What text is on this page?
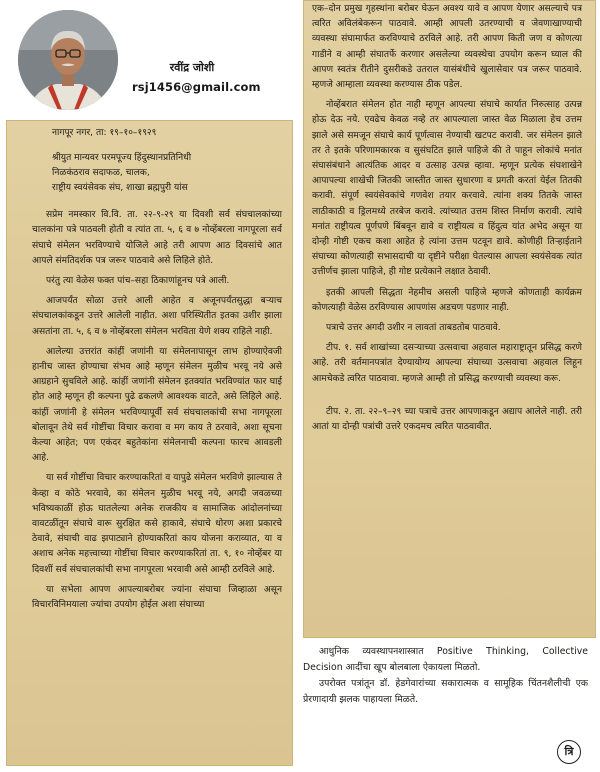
रवींद्र जोशी
rsj1456@gmail.com
नागपूर नगर, ता: १९–१०–१९२९
श्रीयुत मान्यवर परमपूज्य हिंदुस्थानप्रतिनिधी
निळकंठराव सदाफळ, चालक,
राष्ट्रीय स्वयंसेवक संघ, शाखा ब्रह्मपुरी यांस

सप्रेम नमस्कार वि.वि. ता. २२-९-२९ या दिवशी सर्व संघचालकांच्या चालकांना पत्रे पाठवली होती व त्यांत ता. ५, ६ व ७ नोव्हेंबरला नागपूरला सर्व संघाचे संमेलन भरविण्याचे योजिले आहे तरी आपण आठ दिवसांचे आत आपले संमतिदर्शक पत्र जरूर पाठवावे असे लिहिले होते.

परंतु त्या वेळेस फक्त पांच–सहा ठिकाणांहूनच पत्रे आली.

आजपर्यंत सोळा उत्तरे आली आहेत व अजूनपर्यंतसुद्धा बऱ्याच संघचालकांकडून उत्तरे आलेली नाहीत. अशा परिस्थितीत इतका उशीर झाला असतांना ता. ५, ६ व ७ नोव्हेंबरला संमेलन भरविता येणे शक्य राहिले नाही.

आलेल्या उत्तरांत कांहीं जणांनी या संमेलनापासून लाभ होण्याऐवजी हानीच जास्त होण्याचा संभव आहे म्हणून संमेलन मुळीच भरवू नये असे आग्रहाने सुचविले आहे. कांहीं जणांनी संमेलन इतक्यांत भरविण्यांत फार घाई होत आहे म्हणून ही कल्पना पुढे ढकलणे आवश्यक वाटते, असे लिहिले आहे. कांहीं जणांनी हे संमेलन भरविण्यापूर्वी सर्व संघचालकांची सभा नागपूरला बोलावून तेथे सर्व गोष्टींचा विचार करावा व मग काय ते ठरवावे, अशा सूचना केल्या आहेत; पण एकंदर बहुतेकांना संमेलनाची कल्पना फारच आवडली आहे.

या सर्व गोष्टींचा विचार करण्याकरितां व यापुढे संमेलन भरविणे झाल्यास ते केव्हा व कोठे भरवावे, का संमेलन मुळीच भरवू नये, अगदी जवळच्या भविष्यकाळीं होऊ घातलेल्या अनेक राजकीय व सामाजिक आंदोलनांच्या वावटळींतून संघाचे वारू सुरक्षित कसे हाकावे, संघाचे धोरण अशा प्रकारचे ठेवावे, संघाची वाढ झपाट्याने होण्याकरितां काय योजना कराव्यात, या व अशाच अनेक महत्त्वाच्या गोष्टींचा विचार करण्याकरितां ता. ९, १० नोव्हेंबर या दिवशीं सर्व संघचालकांची सभा नागपूरला भरवावी असे आम्ही ठरविले आहे.

या सभेला आपण आपल्याबरोबर ज्यांना संघाचा जिव्हाळा असून विचारविनिमयाला ज्यांचा उपयोग होईल अशा संघाच्या

एक–दोन प्रमुख गृहस्थांना बरोबर घेऊन अवश्य यावे व आपण येणार असल्याचे पत्र त्वरित अविलंबेकरून पाठवावे. आम्ही आपली उतरण्याची व जेवणाखाण्याची व्यवस्था संघामार्फत करविण्याचे ठरविले आहे. तरी आपण किती जण व कोणत्या गाडीने व आम्ही संघातर्फे करणार असलेल्या व्यवस्थेचा उपयोग करून घ्याल की आपण स्वतंत्र रीतीने दुसरीकडे उतराल यासंबंधीचे खुलासेवार पत्र जरूर पाठवावे. म्हणजे आम्हाला व्यवस्था करण्यास ठीक पडेल.

नोव्हेंबरात संमेलन होत नाही म्हणून आपल्या संघाचे कार्यात निरुत्साह उत्पन्न होऊ देऊ नये. एवढेच केवळ नव्हे तर आपल्याला जास्त वेळ मिळाला हेच उत्तम झाले असे समजून संघाचे कार्य पूर्णत्वास नेण्याची खटपट करावी. जर संमेलन झाले तर ते इतके परिणामकारक व सुसंघटित झाले पाहिजे की ते पाहून लोकांचे मनांत संघासंबंधाने आत्यंतिक आदर व उत्साह उत्पन्न व्हावा. म्हणून प्रत्येक संघशाखेने आपापल्या शाखेची जितकी जास्तीत जास्त सुधारणा व प्रगती करतां येईल तितकी करावी. संपूर्ण स्वयंसेवकांचे गणवेश तयार करवावे. त्यांना शक्य तितके जास्त लाठीकाठी व ड्रिलमध्ये तरबेज करावे. त्यांच्यात उत्तम शिस्त निर्माण करावी. त्यांचे मनांत राष्ट्रीयत्व पूर्णपणे बिंबवून द्यावे व राष्ट्रीयत्व व हिंदुत्व यांत अभेद असून या दोन्ही गोष्टी एकच कशा आहेत हे त्यांना उत्तम पटवून द्यावे. कोणीही तिऱ्हाईताने संघाच्या कोणत्याही सभासदाची या दृष्टीने परीक्षा घेतल्यास आपला स्वयंसेवक त्यांत उत्तीर्णच झाला पाहिजे, ही गोष्ट प्रत्येकाने लक्षात ठेवावी.

इतकी आपली सिद्धता नेहमीच असली पाहिजे म्हणजे कोणताही कार्यक्रम कोणत्याही वेळेस ठरविण्यास आपणांस अडचण पडणार नाही.

पत्राचे उत्तर अगदी उशीर न लावतां ताबडतोब पाठवावे.

टीप. १. सर्व शाखांच्या दसऱ्याच्या उत्सवाचा अहवाल महाराष्ट्रातून प्रसिद्ध करणे आहे. तरी वर्तमानपत्रांत देण्यायोग्य आपल्या संघाच्या उत्सवाचा अहवाल लिहून आमचेकडे त्वरित पाठवावा. म्हणजे आम्ही तो प्रसिद्ध करण्याची व्यवस्था करू.

टीप. २. ता. २२–९–२९ च्या पत्राचे उत्तर आपणाकडून अद्याप आलेले नाही. तरी आतां या दोन्ही पत्रांची उत्तरे एकदमच त्वरित पाठवावीत.

आधुनिक व्यवस्थापनशास्त्रात Positive Thinking, Collective Decision आदींचा खूप बोलबाला ऐकायला मिळतो.

उपरोक्त पत्रांतून डॉ. हेडगेवारांच्या सकारात्मक व सामूहिक चिंतनशैलीची एक प्रेरणादायी झलक पाहायला मिळते.

त्रि
